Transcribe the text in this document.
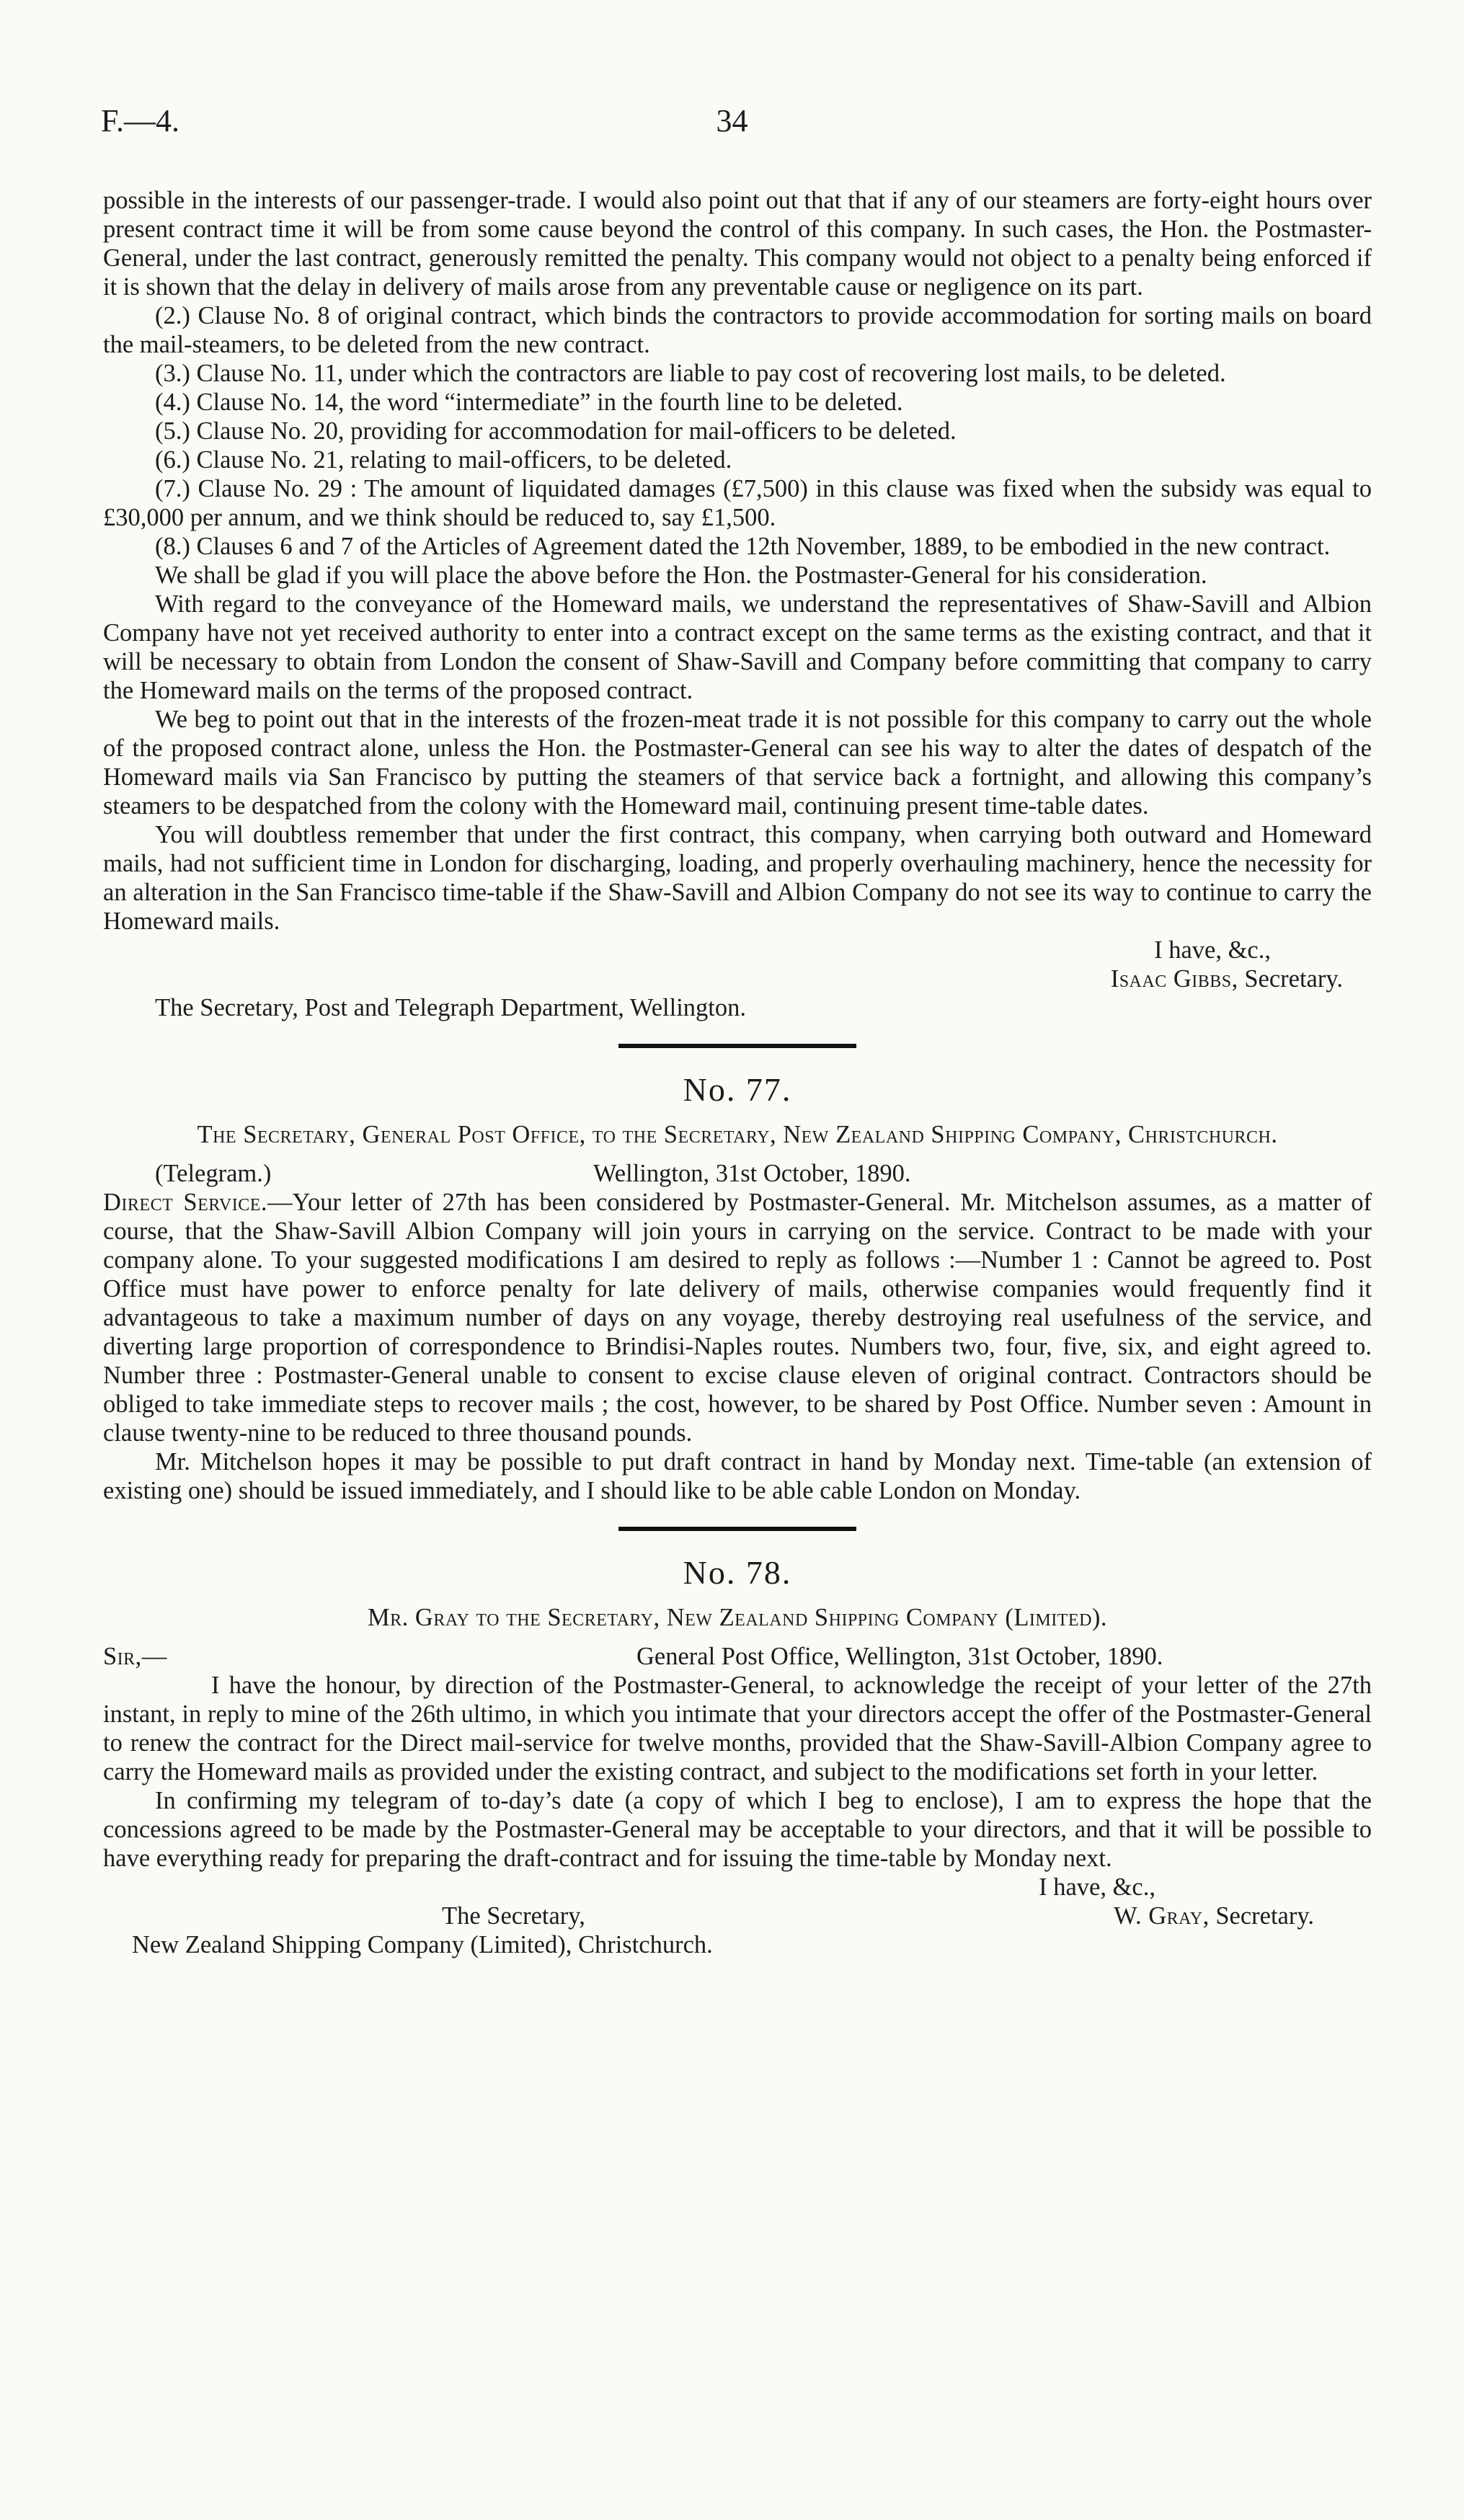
F.—4.	34

possible in the interests of our passenger-trade. I would also point out that that if any of our steamers are forty-eight hours over present contract time it will be from some cause beyond the control of this company. In such cases, the Hon. the Postmaster-General, under the last contract, generously remitted the penalty. This company would not object to a penalty being enforced if it is shown that the delay in delivery of mails arose from any preventable cause or negligence on its part.

(2.) Clause No. 8 of original contract, which binds the contractors to provide accommodation for sorting mails on board the mail-steamers, to be deleted from the new contract.

(3.) Clause No. 11, under which the contractors are liable to pay cost of recovering lost mails, to be deleted.

(4.) Clause No. 14, the word “intermediate” in the fourth line to be deleted.

(5.) Clause No. 20, providing for accommodation for mail-officers to be deleted.

(6.) Clause No. 21, relating to mail-officers, to be deleted.

(7.) Clause No. 29 : The amount of liquidated damages (£7,500) in this clause was fixed when the subsidy was equal to £30,000 per annum, and we think should be reduced to, say £1,500.

(8.) Clauses 6 and 7 of the Articles of Agreement dated the 12th November, 1889, to be embodied in the new contract.

We shall be glad if you will place the above before the Hon. the Postmaster-General for his consideration.

With regard to the conveyance of the Homeward mails, we understand the representatives of Shaw-Savill and Albion Company have not yet received authority to enter into a contract except on the same terms as the existing contract, and that it will be necessary to obtain from London the consent of Shaw-Savill and Company before committing that company to carry the Homeward mails on the terms of the proposed contract.

We beg to point out that in the interests of the frozen-meat trade it is not possible for this company to carry out the whole of the proposed contract alone, unless the Hon. the Postmaster-General can see his way to alter the dates of despatch of the Homeward mails via San Francisco by putting the steamers of that service back a fortnight, and allowing this company’s steamers to be despatched from the colony with the Homeward mail, continuing present time-table dates.

You will doubtless remember that under the first contract, this company, when carrying both outward and Homeward mails, had not sufficient time in London for discharging, loading, and properly overhauling machinery, hence the necessity for an alteration in the San Francisco time-table if the Shaw-Savill and Albion Company do not see its way to continue to carry the Homeward mails.

I have, &c.,

Isaac Gibbs, Secretary.

The Secretary, Post and Telegraph Department, Wellington.

No. 77.
The Secretary, General Post Office, to the Secretary, New Zealand Shipping Company, Christchurch.
(Telegram.)	Wellington, 31st October, 1890.

Direct Service.—Your letter of 27th has been considered by Postmaster-General. Mr. Mitchelson assumes, as a matter of course, that the Shaw-Savill Albion Company will join yours in carrying on the service. Contract to be made with your company alone. To your suggested modifications I am desired to reply as follows :—Number 1 : Cannot be agreed to. Post Office must have power to enforce penalty for late delivery of mails, otherwise companies would frequently find it advantageous to take a maximum number of days on any voyage, thereby destroying real usefulness of the service, and diverting large proportion of correspondence to Brindisi-Naples routes. Numbers two, four, five, six, and eight agreed to. Number three : Postmaster-General unable to consent to excise clause eleven of original contract. Contractors should be obliged to take immediate steps to recover mails ; the cost, however, to be shared by Post Office. Number seven : Amount in clause twenty-nine to be reduced to three thousand pounds.

Mr. Mitchelson hopes it may be possible to put draft contract in hand by Monday next. Time-table (an extension of existing one) should be issued immediately, and I should like to be able cable London on Monday.

No. 78.
Mr. Gray to the Secretary, New Zealand Shipping Company (Limited).
Sir,—	General Post Office, Wellington, 31st October, 1890.

I have the honour, by direction of the Postmaster-General, to acknowledge the receipt of your letter of the 27th instant, in reply to mine of the 26th ultimo, in which you intimate that your directors accept the offer of the Postmaster-General to renew the contract for the Direct mail-service for twelve months, provided that the Shaw-Savill-Albion Company agree to carry the Homeward mails as provided under the existing contract, and subject to the modifications set forth in your letter.

In confirming my telegram of to-day’s date (a copy of which I beg to enclose), I am to express the hope that the concessions agreed to be made by the Postmaster-General may be acceptable to your directors, and that it will be possible to have everything ready for preparing the draft-contract and for issuing the time-table by Monday next.

I have, &c.,

The Secretary,	W. Gray, Secretary.

New Zealand Shipping Company (Limited), Christchurch.
